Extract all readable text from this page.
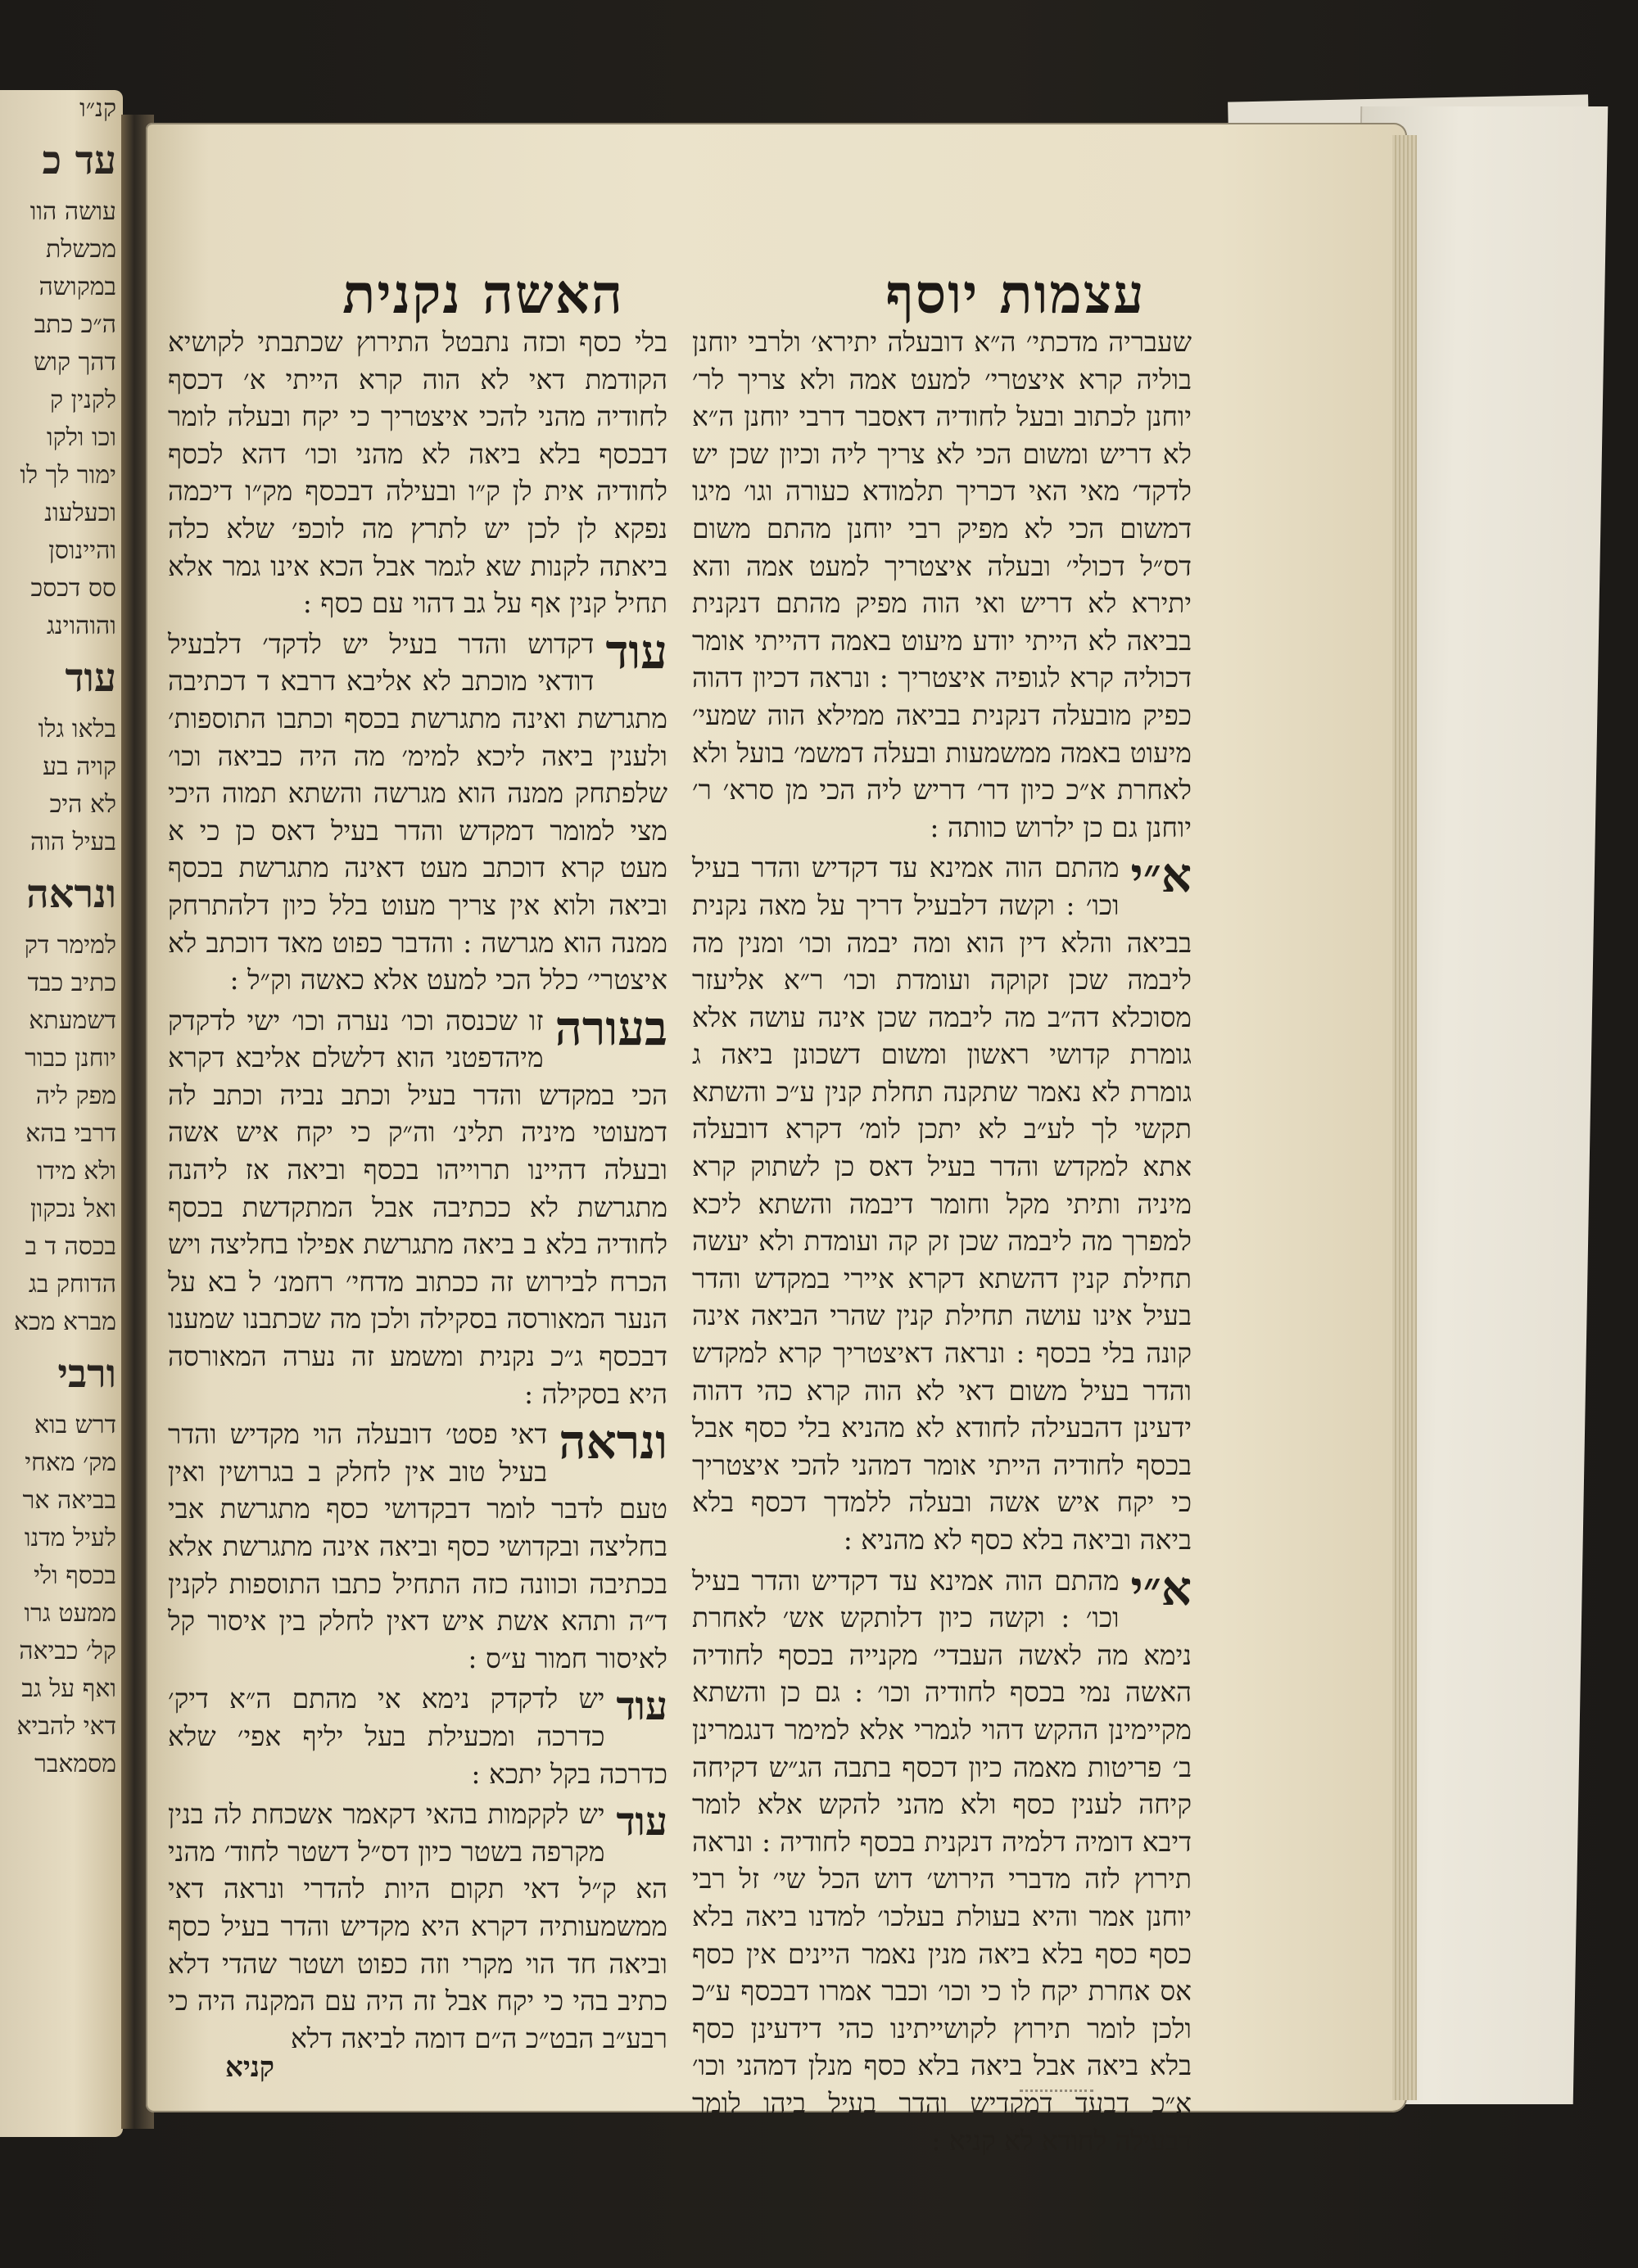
קנ״ו
עד כ
עושה הוו
מכשלת
במקושה
ה״כ כתב
דהך קוש
לקנין ק
וכו ולקו
ימור לך לו
וכעלעונ
והיינוסן
סס דכסכ
והוהוינג
עוד
בלאו גלו
קויה בע
לא היכ
בעיל הוה
ונראה
למימר דק
כתיב כבד
דשמעתא
יוחנן כבור
מפק ליה
דרבי בהא
ולא מידו
ואל נכקון
בכסה ד ב
הדוחק בג
מברא מכא
ורבי
דרש בוא
מק׳ מאחי
בביאה אר
לעיל מדנו
בכסף ולי
ממעט גרו
קל׳ כביאה
ואף על גב
דאי להביא
מסמאבר
עצמות יוסף
האשה נקנית

שעבריה מדכתי׳ ה״א דובעלה יתירא׳ ולרבי יוחנן בוליה קרא איצטרי׳ למעט אמה ולא צריך לר׳ יוחנן לכתוב ובעל לחודיה דאסבר דרבי יוחנן ה״א לא דריש ומשום הכי לא צריך ליה וכיון שכן יש לדקד׳ מאי האי דכריך תלמודא כעורה וגו׳ מיגו דמשום הכי לא מפיק רבי יוחנן מהתם משום דס״ל דכולי׳ ובעלה איצטריך למעט אמה והא יתירא לא דריש ואי הוה מפיק מהתם דנקנית בביאה לא הייתי יודע מיעוט באמה דהייתי אומר דכוליה קרא לגופיה איצטריך : ונראה דכיון דהוה כפיק מובעלה דנקנית בביאה ממילא הוה שמעי׳ מיעוט באמה ממשמעות ובעלה דמשמ׳ בועל ולא לאחרת א״כ כיון דר׳ דריש ליה הכי מן סרא׳ ר׳ יוחנן גם כן ילרוש כוותה :

א״י
מהתם הוה אמינא עד דקדיש והדר בעיל וכו׳ : וקשה דלבעיל דריך על מאה נקנית בביאה והלא דין הוא ומה יבמה וכו׳ ומנין מה ליבמה שכן זקוקה ועומדת וכו׳ ר״א אליעזר מסוכלא דה״ב מה ליבמה שכן אינה עושה אלא גומרת קדושי ראשון ומשום דשכונן ביאה ג גומרת לא נאמר שתקנה תחלת קנין ע״כ והשתא תקשי לך לע״ב לא יתכן לומ׳ דקרא דובעלה אתא למקדש והדר בעיל דאס כן לשתוק קרא מיניה ותיתי מקל וחומר דיבמה והשתא ליכא למפרך מה ליבמה שכן זק קה ועומדת ולא יעשה תחילת קנין דהשתא דקרא איירי במקדש והדר בעיל אינו עושה תחילת קנין שהרי הביאה אינה קונה בלי בכסף : ונראה דאיצטריך קרא למקדש והדר בעיל משום דאי לא הוה קרא כהי דהוה ידעינן דהבעילה לחודא לא מהניא בלי כסף אבל בכסף לחודיה הייתי אומר דמהני להכי איצטריך כי יקח איש אשה ובעלה ללמדך דכסף בלא ביאה וביאה בלא כסף לא מהניא :

א״י
מהתם הוה אמינא עד דקדיש והדר בעיל וכו׳ : וקשה כיון דלותקש אש׳ לאחרת נימא מה לאשה העבדי׳ מקנייה בכסף לחודיה האשה נמי בכסף לחודיה וכו׳ : גם כן והשתא מקיימינן ההקש דהוי לגמרי אלא למימר דנגמרינן ב׳ פריטות מאמה כיון דכסף בתבה הג״ש דקיחה קיחה לענין כסף ולא מהני להקש אלא לומר דיבא דומיה דלמיה דנקנית בכסף לחודיה : ונראה תירוץ לזה מדברי הירוש׳ דוש הכל שי׳ זל רבי יוחנן אמר והיא בעולת בעלכו׳ למדנו ביאה בלא כסף כסף בלא ביאה מנין נאמר היינים אין כסף אס אחרת יקח לו כי וכו׳ וכבר אמרו דבכסף ע״כ ולכן לומר תירוץ לקושייתינו כהי דידעינן כסף בלא ביאה אבל ביאה בלא כסף מנלן דמהני וכו׳ א״כ דבעד דמקדיש והדר בעיל ביהו לומר דבעילה לחודא לא קניא :

בלי כסף וכזה נתבטל התירוץ שכתבתי לקושיא הקודמת דאי לא הוה קרא הייתי א׳ דכסף לחודיה מהני להכי איצטריך כי יקח ובעלה לומר דבכסף בלא ביאה לא מהני וכו׳ דהא לכסף לחודיה אית לן ק״ו ובעילה דבכסף מק״ו דיכמה נפקא לן לכן יש לתרץ מה לוכפ׳ שלא כלה ביאתה לקנות שא לגמר אבל הכא אינו גמר אלא תחיל קנין אף על גב דהוי עם כסף :

עוד
דקדוש והדר בעיל יש לדקד׳ דלבעיל דודאי מוכתב לא אליבא דרבא ד דכתיבה מתגרשת ואינה מתגרשת בכסף וכתבו התוספות׳ ולענין ביאה ליכא למימ׳ מה היה כביאה וכו׳ שלפתחק ממנה הוא מגרשה והשתא תמוה היכי מצי למומר דמקדש והדר בעיל דאס כן כי א מעט קרא דוכתב מעט דאינה מתגרשת בכסף וביאה ולוא אין צריך מעוט בלל כיון דלהתרחק ממנה הוא מגרשה : והדבר כפוט מאד דוכתב לא איצטרי׳ כלל הכי למעט אלא כאשה וק״ל :

בעורה
זו שכנסה וכו׳ נערה וכו׳ ישי לדקדק מיהדפטני הוא דלשלם אליבא דקרא הכי במקדש והדר בעיל וכתב נביה וכתב לה דמעוטי מיניה תלינ׳ וה״ק כי יקח איש אשה ובעלה דהיינו תרוייהו בכסף וביאה אז ליהנה מתגרשת לא ככתיבה אבל המתקדשת בכסף לחודיה בלא ב ביאה מתגרשת אפילו בחליצה ויש הכרח לבירוש זה ככתוב מדחי׳ רחמנ׳ ל בא על הנער המאורסה בסקילה ולכן מה שכתבנו שמענו דבכסף ג״כ נקנית ומשמע זה נערה המאורסה היא בסקילה :

ונראה
דאי פסט׳ דובעלה הוי מקדיש והדר בעיל טוב אין לחלק ב בגרושין ואין טעם לדבר לומר דבקדושי כסף מתגרשת אבי בחליצה ובקדושי כסף וביאה אינה מתגרשת אלא בכתיבה וכוונה כזה התחיל כתבו התוספות לקנין ד״ה ותהא אשת איש דאין לחלק בין איסור קל לאיסור חמור ע״ס :

עוד
יש לדקדק נימא אי מהתם ה״א דיק׳ כדרכה ומכעילת בעל יליף אפי׳ שלא כדרכה בקל יתכא :

עוד
יש לקקמות בהאי דקאמר אשכחת לה בנין מקרפה בשטר כיון דס״ל דשטר לחוד׳ מהני הא ק״ל דאי תקום היות להדרי ונראה דאי ממשמעותיה דקרא היא מקדיש והדר בעיל כסף וביאה חד הוי מקרי וזה כפוט ושטר שהדי דלא כתיב בהי כי יקח אבל זה היה עם המקנה היה כי רבע״ב הבט״כ ה״ם דומה לביאה דלא

קניא
